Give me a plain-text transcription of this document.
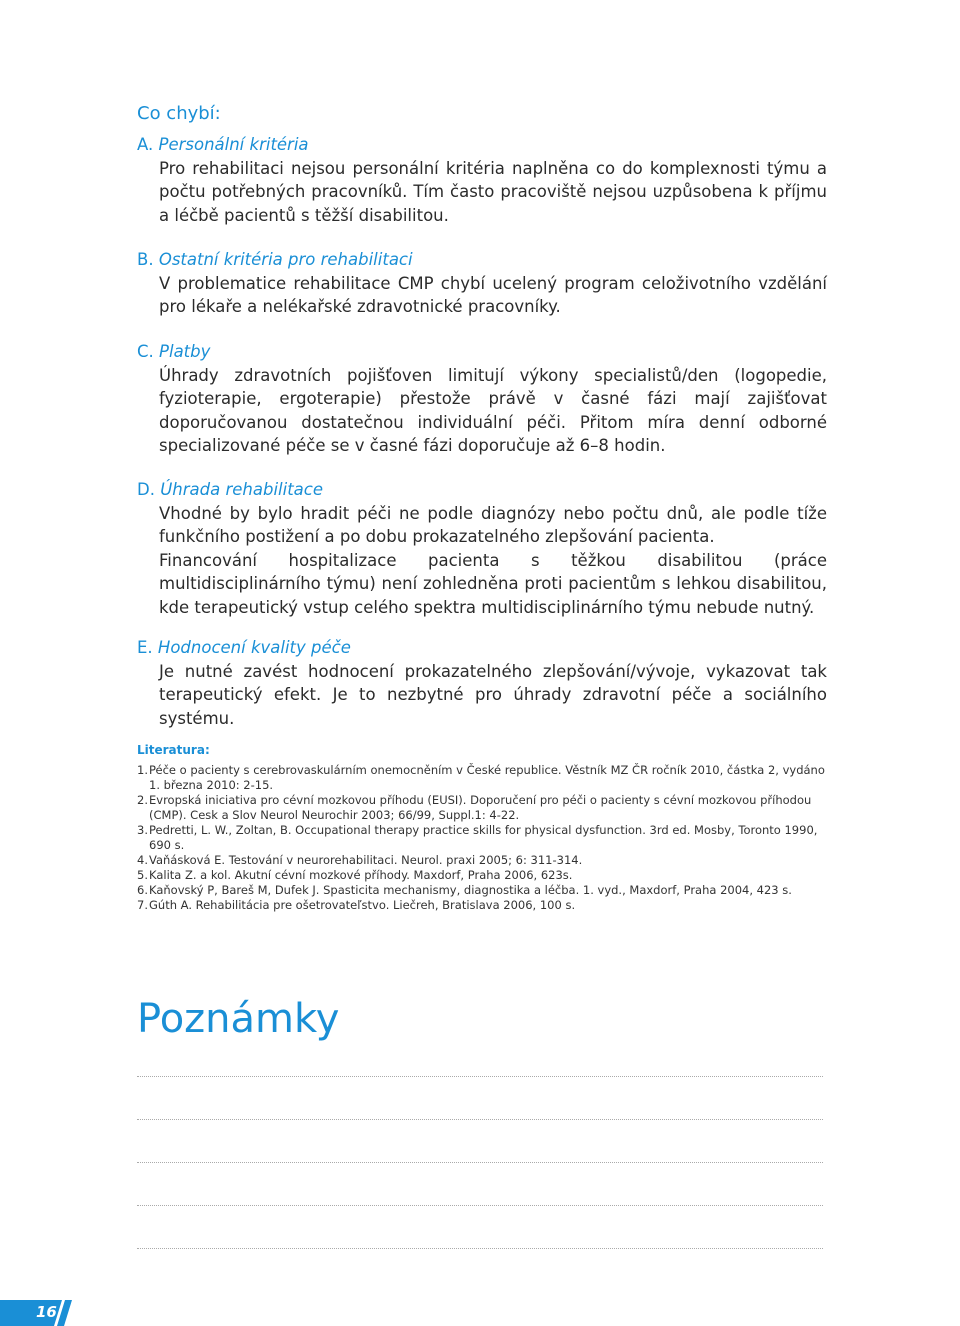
Co chybí:
A. Personální kritéria

Pro rehabilitaci nejsou personální kritéria naplněna co do komplexnosti týmu a počtu potřebných pracovníků. Tím často pracoviště nejsou uzpůsobena k příjmu a léčbě pacientů s těžší disabilitou.

B. Ostatní kritéria pro rehabilitaci

V problematice rehabilitace CMP chybí ucelený program celoživotního vzdělání pro lékaře a nelékařské zdravotnické pracovníky.

C. Platby

Úhrady zdravotních pojišťoven limitují výkony specialistů/den (logopedie, fyzioterapie, ergoterapie) přestože právě v časné fázi mají zajišťovat doporučovanou dostatečnou individuální péči. Přitom míra denní odborné specializované péče se v časné fázi doporučuje až 6–8 hodin.

D. Úhrada rehabilitace

Vhodné by bylo hradit péči ne podle diagnózy nebo počtu dnů, ale podle tíže funkčního postižení a po dobu prokazatelného zlepšování pacienta.

Financování hospitalizace pacienta s těžkou disabilitou (práce multidisciplinárního týmu) není zohledněna proti pacientům s lehkou disabilitou, kde terapeutický vstup celého spektra multidisciplinárního týmu nebude nutný.

E. Hodnocení kvality péče

Je nutné zavést hodnocení prokazatelného zlepšování/vývoje, vykazovat tak terapeutický efekt. Je to nezbytné pro úhrady zdravotní péče a sociálního systému.

Literatura:
1. Péče o pacienty s cerebrovaskulárním onemocněním v České republice. Věstník MZ ČR ročník 2010, částka 2, vydáno 1. března 2010: 2-15.
2. Evropská iniciativa pro cévní mozkovou příhodu (EUSI). Doporučení pro péči o pacienty s cévní mozkovou příhodou (CMP). Cesk a Slov Neurol Neurochir 2003; 66/99, Suppl.1: 4-22.
3. Pedretti, L. W., Zoltan, B. Occupational therapy practice skills for physical dysfunction. 3rd ed. Mosby, Toronto 1990, 690 s.
4. Vaňásková E. Testování v neurorehabilitaci. Neurol. praxi 2005; 6: 311-314.
5. Kalita Z. a kol. Akutní cévní mozkové příhody. Maxdorf, Praha 2006, 623s.
6. Kaňovský P, Bareš M, Dufek J. Spasticita mechanismy, diagnostika a léčba. 1. vyd., Maxdorf, Praha 2004, 423 s.
7. Gúth A. Rehabilitácia pre ošetrovateľstvo. Liečreh, Bratislava 2006, 100 s.
Poznámky
16
